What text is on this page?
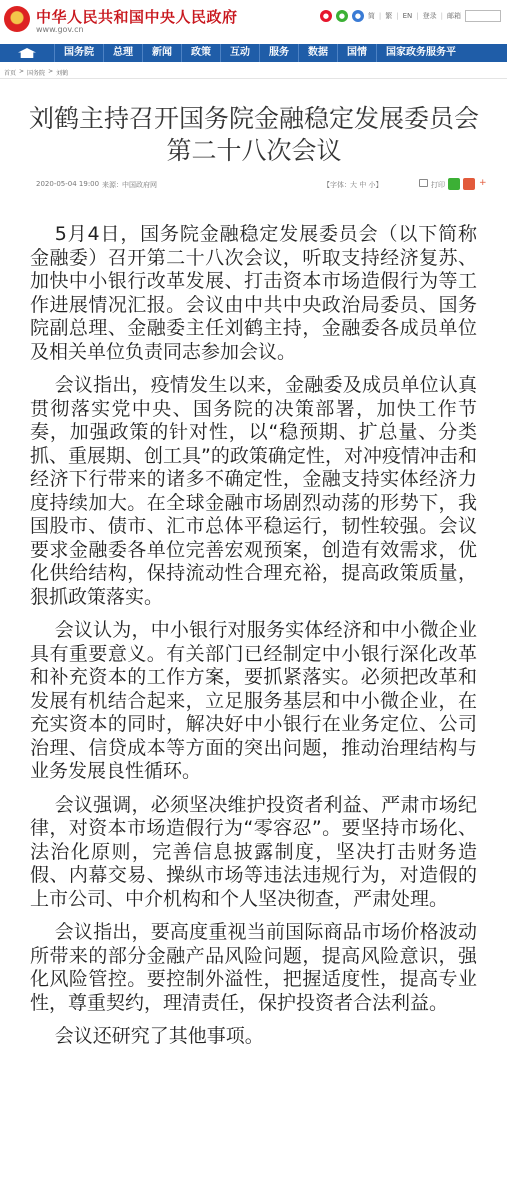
中华人民共和国中央人民政府
www.gov.cn
●	●	● 简 | 繁 | EN | 登录 | 邮箱
国务院	总理	新闻	政策	互动	服务	数据	国情	国家政务服务平
首页 > 国务院 > 刘鹤
刘鹤主持召开国务院金融稳定发展委员会第二十八次会议
2020-05-04 19:00 来源： 中国政府网	【字体： 大 中 小】	打印	+

5月4日，国务院金融稳定发展委员会（以下简称金融委）召开第二十八次会议，听取支持经济复苏、加快中小银行改革发展、打击资本市场造假行为等工作进展情况汇报。会议由中共中央政治局委员、国务院副总理、金融委主任刘鹤主持，金融委各成员单位及相关单位负责同志参加会议。

会议指出，疫情发生以来，金融委及成员单位认真贯彻落实党中央、国务院的决策部署，加快工作节奏，加强政策的针对性，以“稳预期、扩总量、分类抓、重展期、创工具”的政策确定性，对冲疫情冲击和经济下行带来的诸多不确定性，金融支持实体经济力度持续加大。在全球金融市场剧烈动荡的形势下，我国股市、债市、汇市总体平稳运行，韧性较强。会议要求金融委各单位完善宏观预案，创造有效需求，优化供给结构，保持流动性合理充裕，提高政策质量，狠抓政策落实。

会议认为，中小银行对服务实体经济和中小微企业具有重要意义。有关部门已经制定中小银行深化改革和补充资本的工作方案，要抓紧落实。必须把改革和发展有机结合起来，立足服务基层和中小微企业，在充实资本的同时，解决好中小银行在业务定位、公司治理、信贷成本等方面的突出问题，推动治理结构与业务发展良性循环。

会议强调，必须坚决维护投资者利益、严肃市场纪律，对资本市场造假行为“零容忍”。要坚持市场化、法治化原则，完善信息披露制度，坚决打击财务造假、内幕交易、操纵市场等违法违规行为，对造假的上市公司、中介机构和个人坚决彻查，严肃处理。

会议指出，要高度重视当前国际商品市场价格波动所带来的部分金融产品风险问题，提高风险意识，强化风险管控。要控制外溢性，把握适度性，提高专业性，尊重契约，理清责任，保护投资者合法利益。

会议还研究了其他事项。
